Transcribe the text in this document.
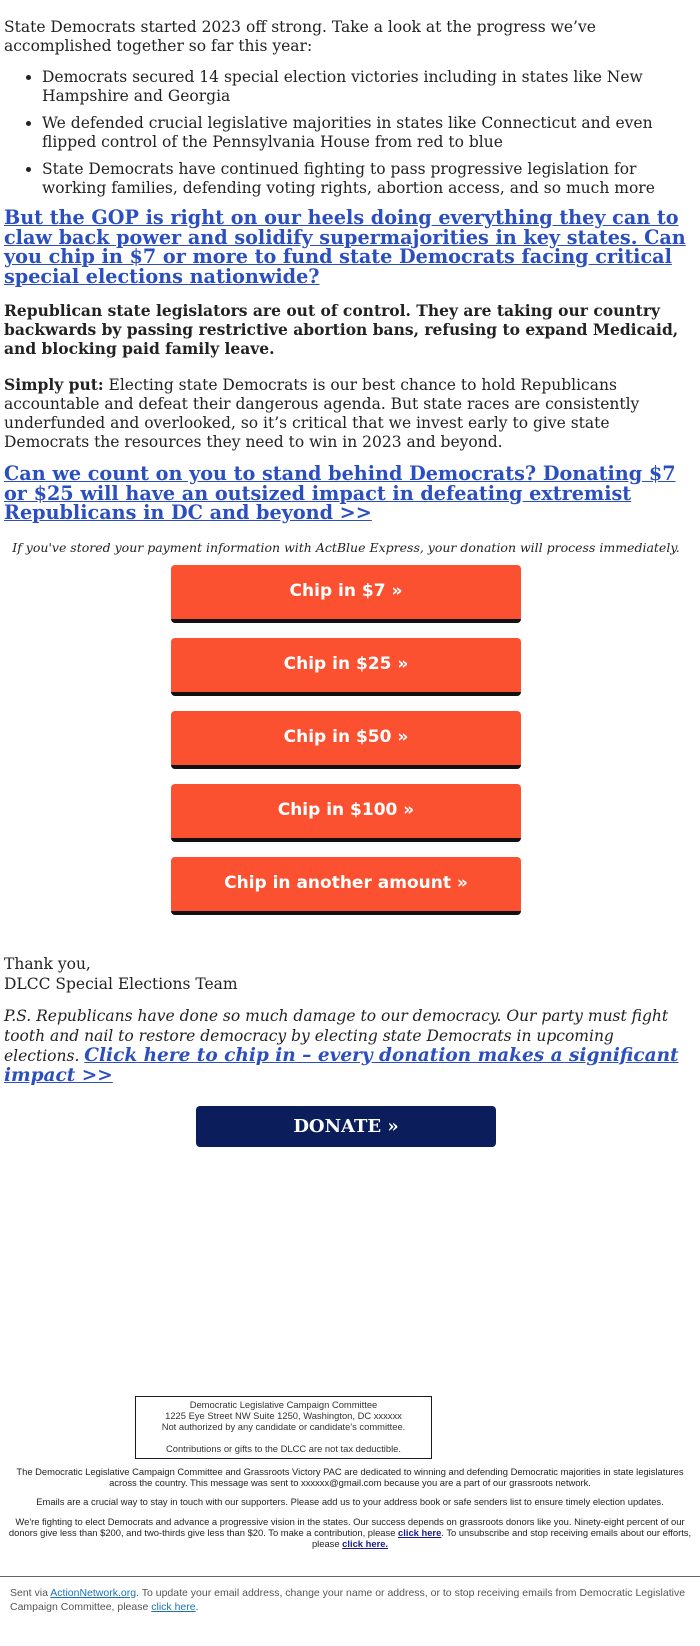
State Democrats started 2023 off strong. Take a look at the progress we’ve accomplished together so far this year:

• Democrats secured 14 special election victories including in states like New Hampshire and Georgia
• We defended crucial legislative majorities in states like Connecticut and even flipped control of the Pennsylvania House from red to blue
• State Democrats have continued fighting to pass progressive legislation for working families, defending voting rights, abortion access, and so much more
But the GOP is right on our heels doing everything they can to claw back power and solidify supermajorities in key states. Can you chip in $7 or more to fund state Democrats facing critical special elections nationwide?

Republican state legislators are out of control. They are taking our country backwards by passing restrictive abortion bans, refusing to expand Medicaid, and blocking paid family leave.

Simply put: Electing state Democrats is our best chance to hold Republicans accountable and defeat their dangerous agenda. But state races are consistently underfunded and overlooked, so it’s critical that we invest early to give state Democrats the resources they need to win in 2023 and beyond.

Can we count on you to stand behind Democrats? Donating $7 or $25 will have an outsized impact in defeating extremist Republicans in DC and beyond >>

If you've stored your payment information with ActBlue Express, your donation will process immediately.

Chip in $7 »
Chip in $25 »
Chip in $50 »
Chip in $100 »
Chip in another amount »
Thank you,
DLCC Special Elections Team

P.S. Republicans have done so much damage to our democracy. Our party must fight tooth and nail to restore democracy by electing state Democrats in upcoming elections. Click here to chip in – every donation makes a significant impact >>

DONATE »
Democratic Legislative Campaign Committee
1225 Eye Street NW Suite 1250, Washington, DC xxxxxx
Not authorized by any candidate or candidate's committee.
Contributions or gifts to the DLCC are not tax deductible.
The Democratic Legislative Campaign Committee and Grassroots Victory PAC are dedicated to winning and defending Democratic majorities in state legislatures across the country. This message was sent to xxxxxx@gmail.com because you are a part of our grassroots network.
Emails are a crucial way to stay in touch with our supporters. Please add us to your address book or safe senders list to ensure timely election updates.
We're fighting to elect Democrats and advance a progressive vision in the states. Our success depends on grassroots donors like you. Ninety-eight percent of our donors give less than $200, and two-thirds give less than $20. To make a contribution, please click here. To unsubscribe and stop receiving emails about our efforts, please click here.
Sent via ActionNetwork.org. To update your email address, change your name or address, or to stop receiving emails from Democratic Legislative Campaign Committee, please click here.
